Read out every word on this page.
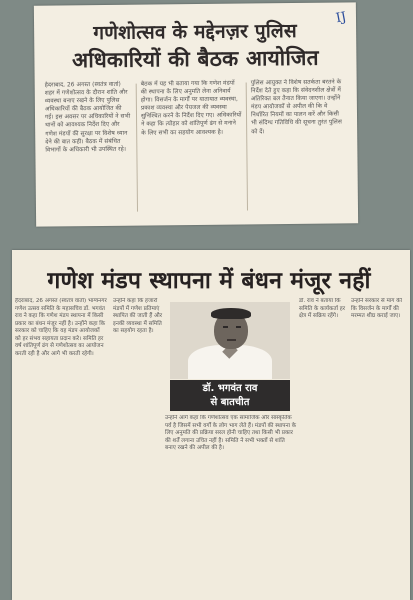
गणेशोत्सव के मद्देनज़र पुलिस
अधिकारियों की बैठक आयोजित
IJ
हैदराबाद, 26 अगस्त (स्वतंत्र वार्ता) शहर में गणेशोत्सव के दौरान शांति और व्यवस्था बनाए रखने के लिए पुलिस अधिकारियों की बैठक आयोजित की गई। इस अवसर पर अधिकारियों ने सभी थानों को आवश्यक निर्देश दिए और गणेश मंडपों की सुरक्षा पर विशेष ध्यान देने की बात कही। बैठक में संबंधित विभागों के अधिकारी भी उपस्थित रहे।
बैठक में यह भी बताया गया कि गणेश मंडपों की स्थापना के लिए अनुमति लेना अनिवार्य होगा। विसर्जन के मार्गों पर यातायात व्यवस्था, प्रकाश व्यवस्था और पेयजल की व्यवस्था सुनिश्चित करने के निर्देश दिए गए। अधिकारियों ने कहा कि त्योहार को शांतिपूर्ण ढंग से मनाने के लिए सभी का सहयोग आवश्यक है।
पुलिस आयुक्त ने विशेष सतर्कता बरतने के निर्देश देते हुए कहा कि संवेदनशील क्षेत्रों में अतिरिक्त बल तैनात किया जाएगा। उन्होंने मंडप आयोजकों से अपील की कि वे निर्धारित नियमों का पालन करें और किसी भी संदिग्ध गतिविधि की सूचना तुरंत पुलिस को दें।
गणेश मंडप स्थापना में बंधन मंजूर नहीं
हैदराबाद, 26 अगस्त (स्वतंत्र वार्ता) भाग्यनगर गणेश उत्सव समिति के महासचिव डॉ. भगवंत राव ने कहा कि गणेश मंडप स्थापना में किसी प्रकार का बंधन मंजूर नहीं है। उन्होंने कहा कि सरकार को चाहिए कि वह मंडप आयोजकों को हर संभव सहायता प्रदान करे। समिति हर वर्ष शांतिपूर्ण ढंग से गणेशोत्सव का आयोजन करती रही है और आगे भी करती रहेगी।
उन्होंने कहा कि हजारों मंडपों में गणेश प्रतिमाएं स्थापित की जाती हैं और इनकी व्यवस्था में समिति का सहयोग रहता है।
डॉ. भगवंत राव
से बातचीत
उन्होंने आगे कहा कि गणेशोत्सव एक सामाजिक और सांस्कृतिक पर्व है जिसमें सभी वर्गों के लोग भाग लेते हैं। मंडपों की स्थापना के लिए अनुमति की प्रक्रिया सरल होनी चाहिए तथा किसी भी प्रकार की शर्तें लगाना उचित नहीं है। समिति ने सभी भक्तों से शांति बनाए रखने की अपील की है।
डॉ. राव ने बताया कि समिति के कार्यकर्ता हर क्षेत्र में सक्रिय रहेंगे।
उन्होंने सरकार से मांग की कि विसर्जन के मार्गों की मरम्मत शीघ्र कराई जाए।
